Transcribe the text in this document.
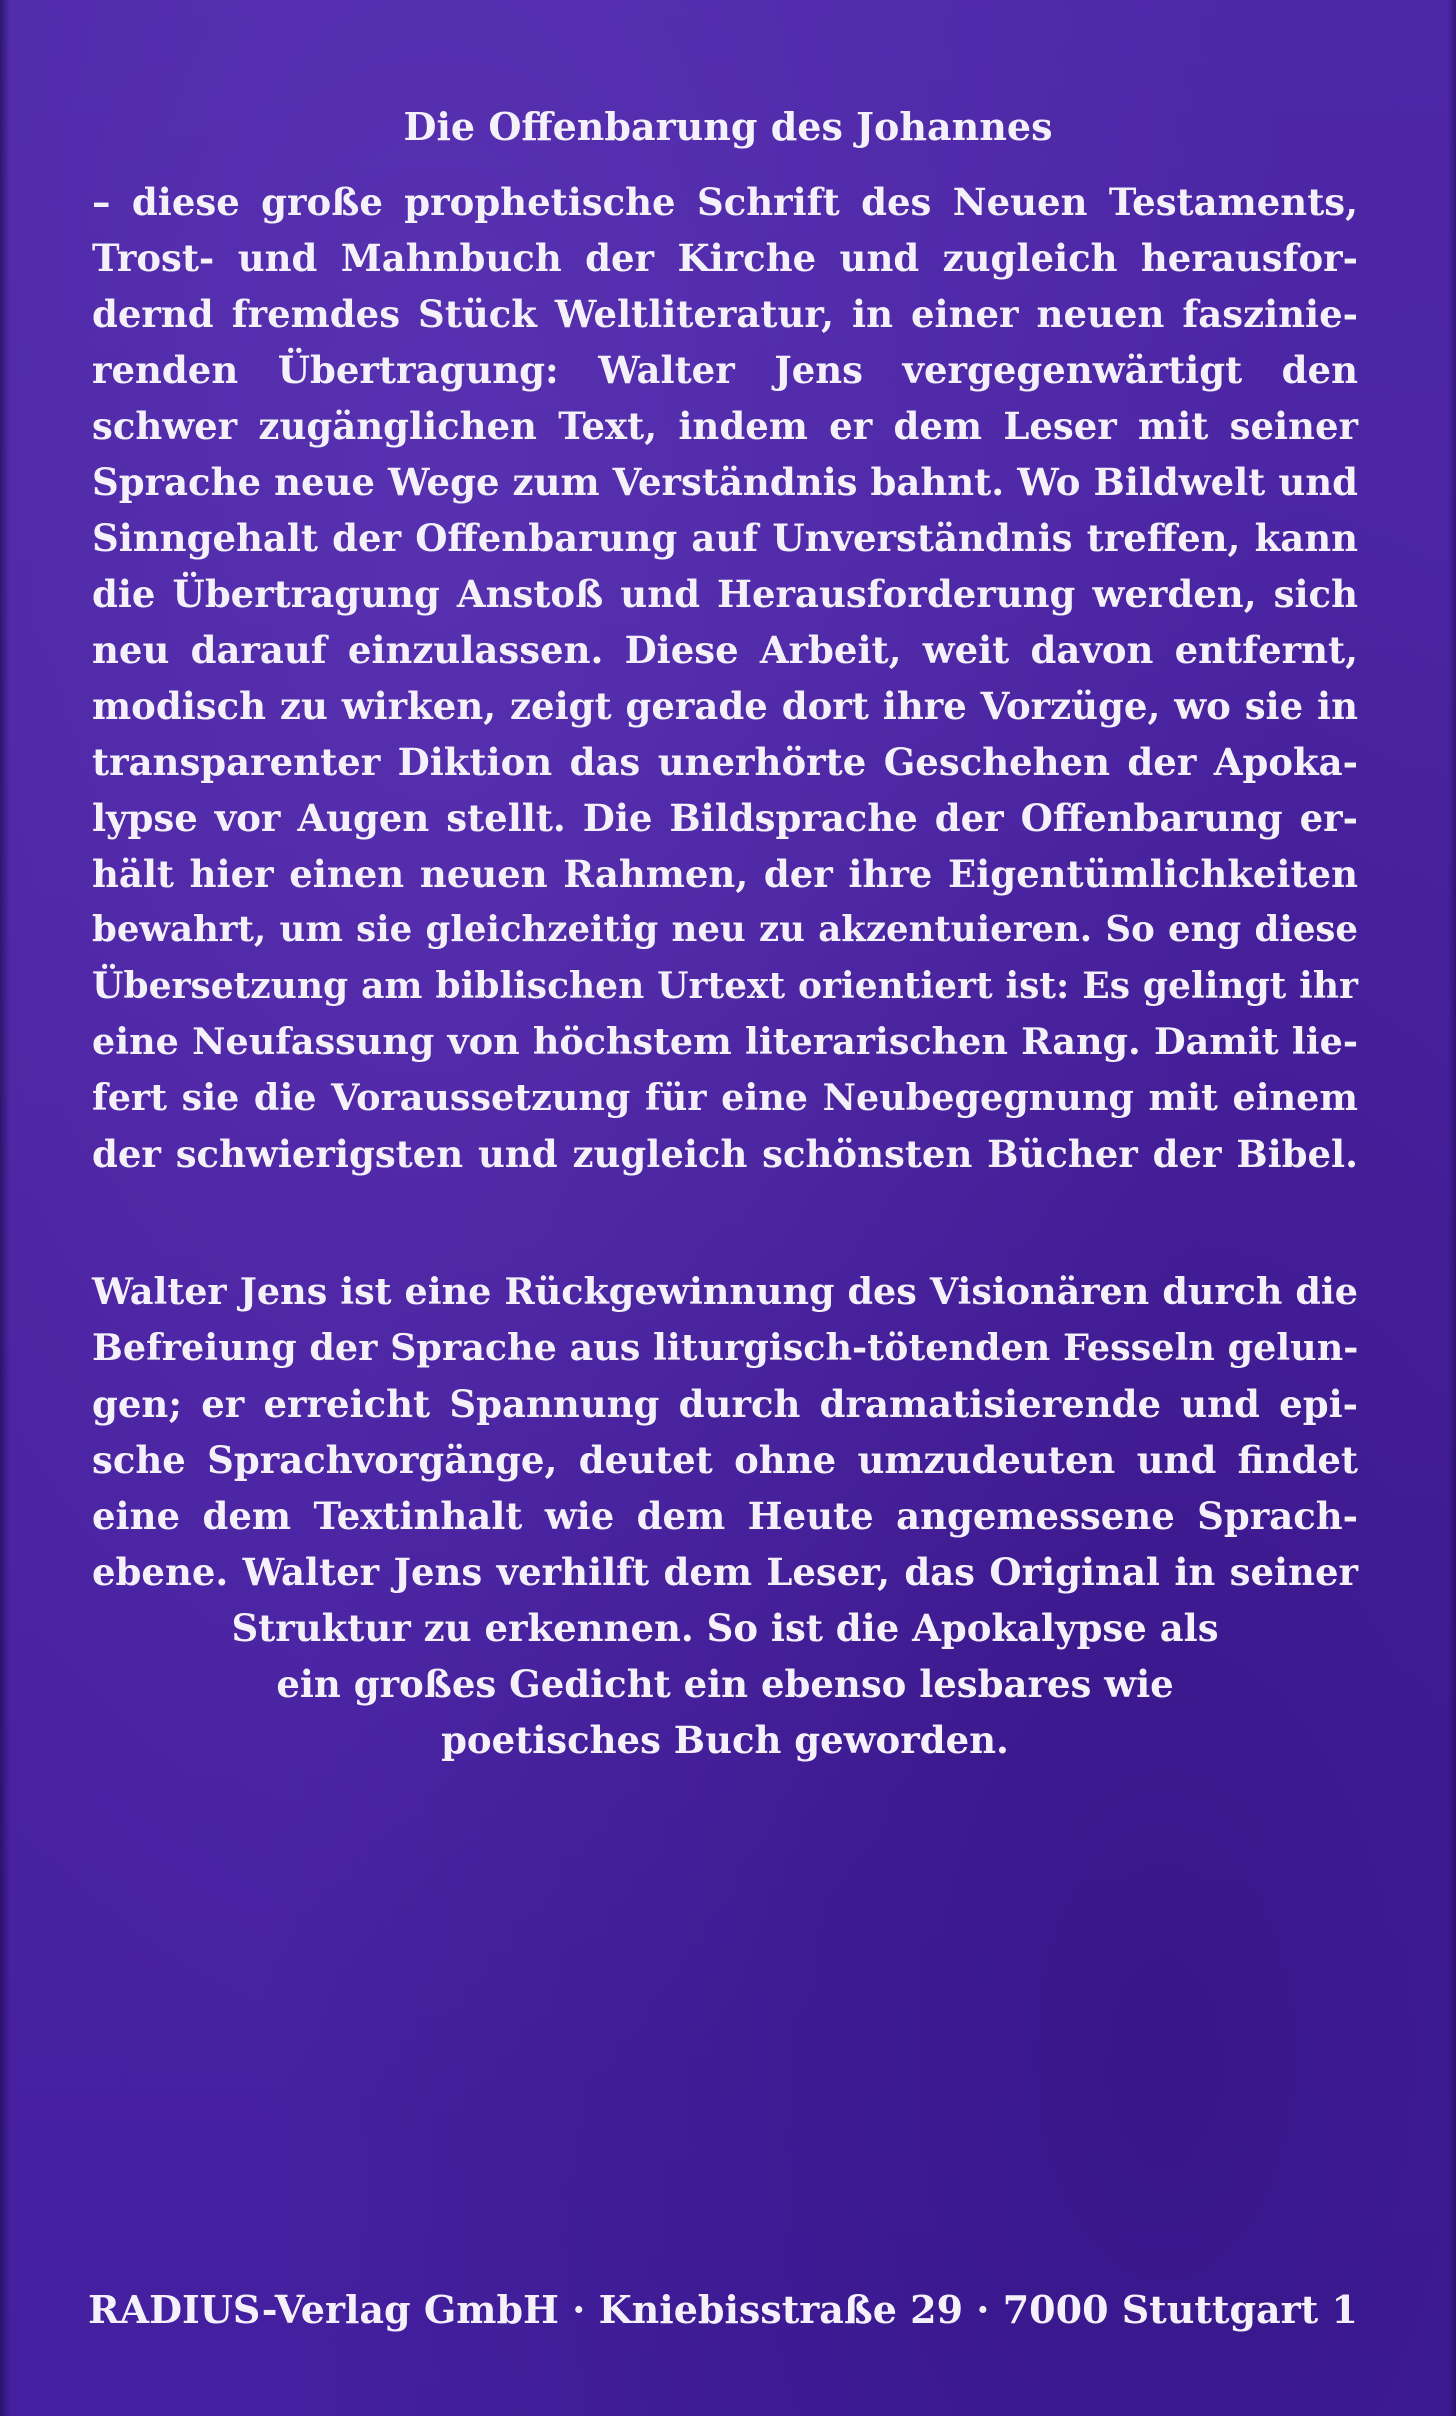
Die Offenbarung des Johannes
– diese große prophetische Schrift des Neuen Testaments,
Trost- und Mahnbuch der Kirche und zugleich herausfor-
dernd fremdes Stück Weltliteratur, in einer neuen faszinie-
renden Übertragung: Walter Jens vergegenwärtigt den
schwer zugänglichen Text, indem er dem Leser mit seiner
Sprache neue Wege zum Verständnis bahnt. Wo Bildwelt und
Sinngehalt der Offenbarung auf Unverständnis treffen, kann
die Übertragung Anstoß und Herausforderung werden, sich
neu darauf einzulassen. Diese Arbeit, weit davon entfernt,
modisch zu wirken, zeigt gerade dort ihre Vorzüge, wo sie in
transparenter Diktion das unerhörte Geschehen der Apoka-
lypse vor Augen stellt. Die Bildsprache der Offenbarung er-
hält hier einen neuen Rahmen, der ihre Eigentümlichkeiten
bewahrt, um sie gleichzeitig neu zu akzentuieren. So eng diese
Übersetzung am biblischen Urtext orientiert ist: Es gelingt ihr
eine Neufassung von höchstem literarischen Rang. Damit lie-
fert sie die Voraussetzung für eine Neubegegnung mit einem
der schwierigsten und zugleich schönsten Bücher der Bibel.
Walter Jens ist eine Rückgewinnung des Visionären durch die
Befreiung der Sprache aus liturgisch-tötenden Fesseln gelun-
gen; er erreicht Spannung durch dramatisierende und epi-
sche Sprachvorgänge, deutet ohne umzudeuten und findet
eine dem Textinhalt wie dem Heute angemessene Sprach-
ebene. Walter Jens verhilft dem Leser, das Original in seiner
Struktur zu erkennen. So ist die Apokalypse als
ein großes Gedicht ein ebenso lesbares wie
poetisches Buch geworden.

RADIUS-Verlag GmbH · Kniebisstraße 29 · 7000 Stuttgart 1
